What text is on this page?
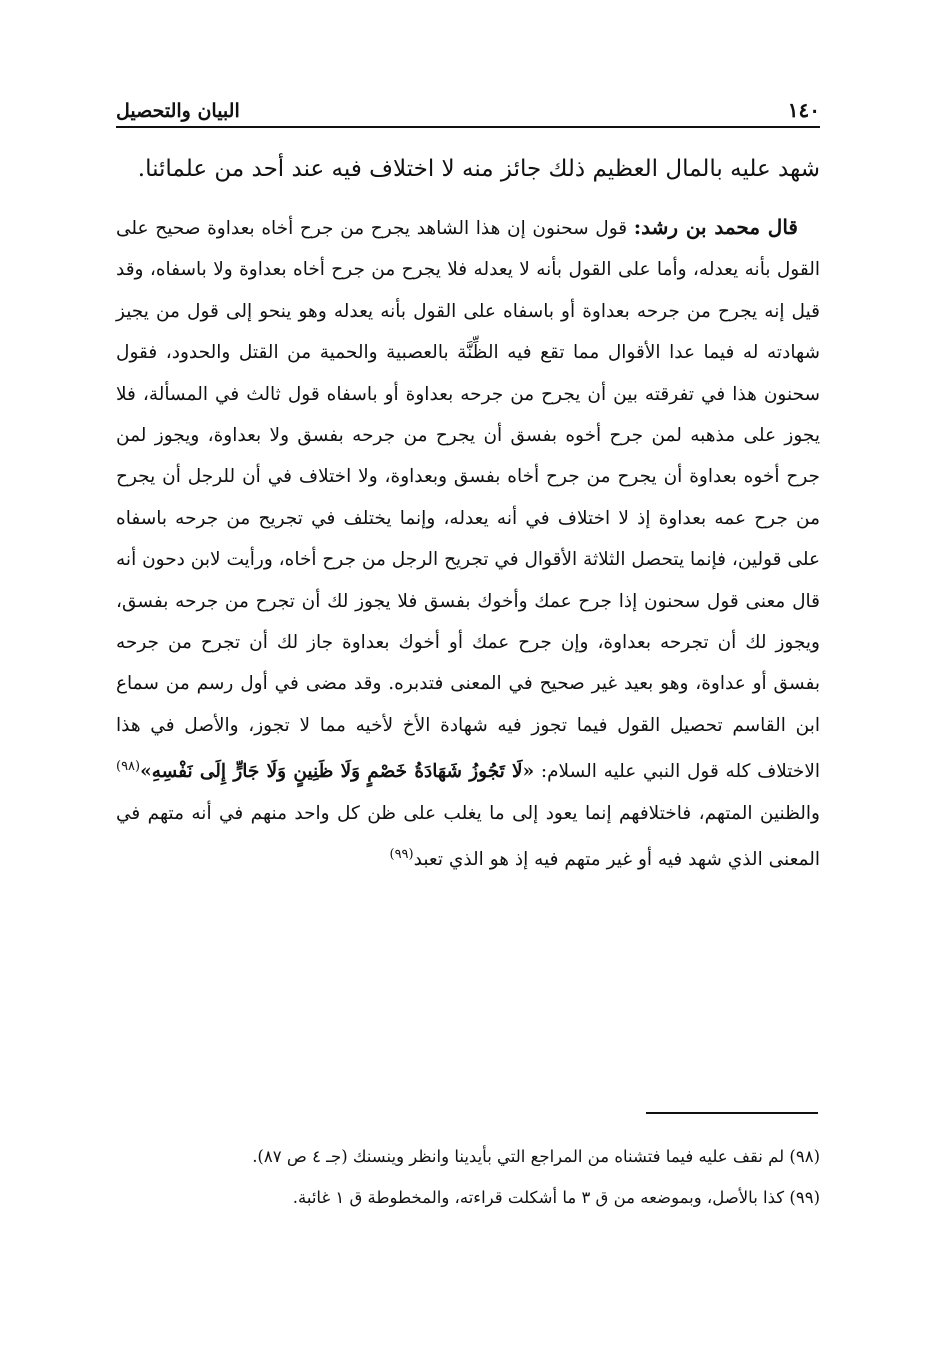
١٤٠
البيان والتحصيل

شهد عليه بالمال العظيم ذلك جائز منه لا اختلاف فيه عند أحد من علمائنا.

قال محمد بن رشد: قول سحنون إن هذا الشاهد يجرح من جرح أخاه بعداوة صحيح على القول بأنه يعدله، وأما على القول بأنه لا يعدله فلا يجرح من جرح أخاه بعداوة ولا باسفاه، وقد قيل إنه يجرح من جرحه بعداوة أو باسفاه على القول بأنه يعدله وهو ينحو إلى قول من يجيز شهادته له فيما عدا الأقوال مما تقع فيه الظِّنَّة بالعصبية والحمية من القتل والحدود، فقول سحنون هذا في تفرقته بين أن يجرح من جرحه بعداوة أو باسفاه قول ثالث في المسألة، فلا يجوز على مذهبه لمن جرح أخوه بفسق أن يجرح من جرحه بفسق ولا بعداوة، ويجوز لمن جرح أخوه بعداوة أن يجرح من جرح أخاه بفسق وبعداوة، ولا اختلاف في أن للرجل أن يجرح من جرح عمه بعداوة إذ لا اختلاف في أنه يعدله، وإنما يختلف في تجريح من جرحه باسفاه على قولين، فإنما يتحصل الثلاثة الأقوال في تجريح الرجل من جرح أخاه، ورأيت لابن دحون أنه قال معنى قول سحنون إذا جرح عمك وأخوك بفسق فلا يجوز لك أن تجرح من جرحه بفسق، ويجوز لك أن تجرحه بعداوة، وإن جرح عمك أو أخوك بعداوة جاز لك أن تجرح من جرحه بفسق أو عداوة، وهو بعيد غير صحيح في المعنى فتدبره. وقد مضى في أول رسم من سماع ابن القاسم تحصيل القول فيما تجوز فيه شهادة الأخ لأخيه مما لا تجوز، والأصل في هذا الاختلاف كله قول النبي عليه السلام: «لَا تَجُوزُ شَهَادَةُ خَصْمٍ وَلَا ظَنِينٍ وَلَا جَارٍّ إِلَى نَفْسِهِ»$^{(٩٨)}$ والظنين المتهم، فاختلافهم إنما يعود إلى ما يغلب على ظن كل واحد منهم في أنه متهم في المعنى الذي شهد فيه أو غير متهم فيه إذ هو الذي تعبد$^{(٩٩)}$

(٩٨) لم نقف عليه فيما فتشناه من المراجع التي بأيدينا وانظر وينسنك (جـ ٤ ص ٨٧).

(٩٩) كذا بالأصل، وبموضعه من ق ٣ ما أشكلت قراءته، والمخطوطة ق ١ غائبة.
